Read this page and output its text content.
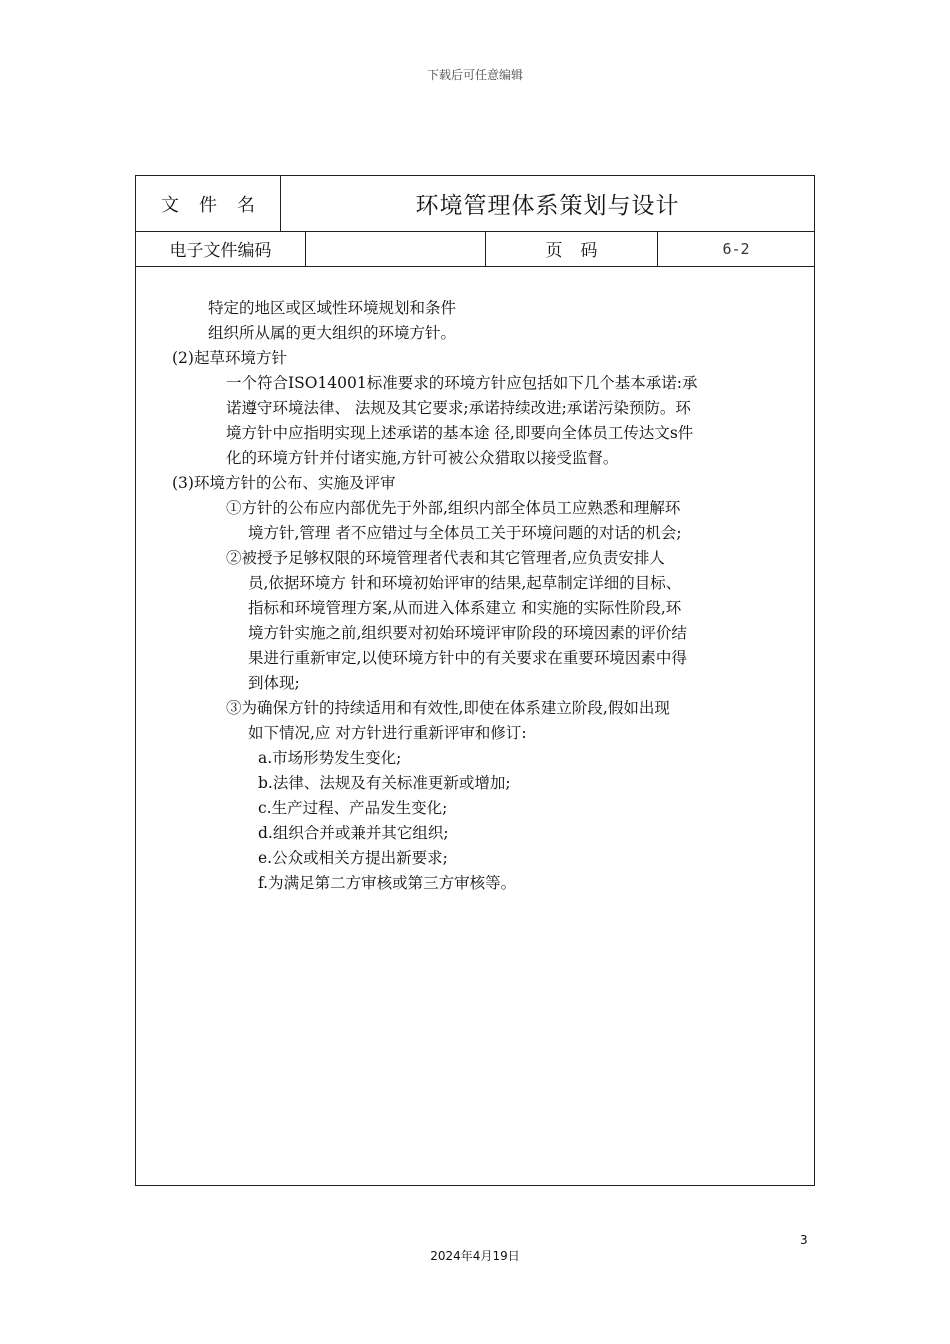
下载后可任意编辑
文件名	环境管理体系策划与设计
电子文件编码	页码	6-2
特定的地区或区域性环境规划和条件
组织所从属的更大组织的环境方针。
(2)起草环境方针
一个符合ISO14001标准要求的环境方针应包括如下几个基本承诺:承
诺遵守环境法律、 法规及其它要求;承诺持续改进;承诺污染预防。环
境方针中应指明实现上述承诺的基本途 径,即要向全体员工传达文s件
化的环境方针并付诸实施,方针可被公众猎取以接受监督。
(3)环境方针的公布、实施及评审
①方针的公布应内部优先于外部,组织内部全体员工应熟悉和理解环
境方针,管理 者不应错过与全体员工关于环境问题的对话的机会;
②被授予足够权限的环境管理者代表和其它管理者,应负责安排人
员,依据环境方 针和环境初始评审的结果,起草制定详细的目标、
指标和环境管理方案,从而进入体系建立 和实施的实际性阶段,环
境方针实施之前,组织要对初始环境评审阶段的环境因素的评价结
果进行重新审定,以使环境方针中的有关要求在重要环境因素中得
到体现;
③为确保方针的持续适用和有效性,即使在体系建立阶段,假如出现
如下情况,应 对方针进行重新评审和修订:
a.市场形势发生变化;
b.法律、法规及有关标准更新或增加;
c.生产过程、产品发生变化;
d.组织合并或兼并其它组织;
e.公众或相关方提出新要求;
f.为满足第二方审核或第三方审核等。
3
2024年4月19日
